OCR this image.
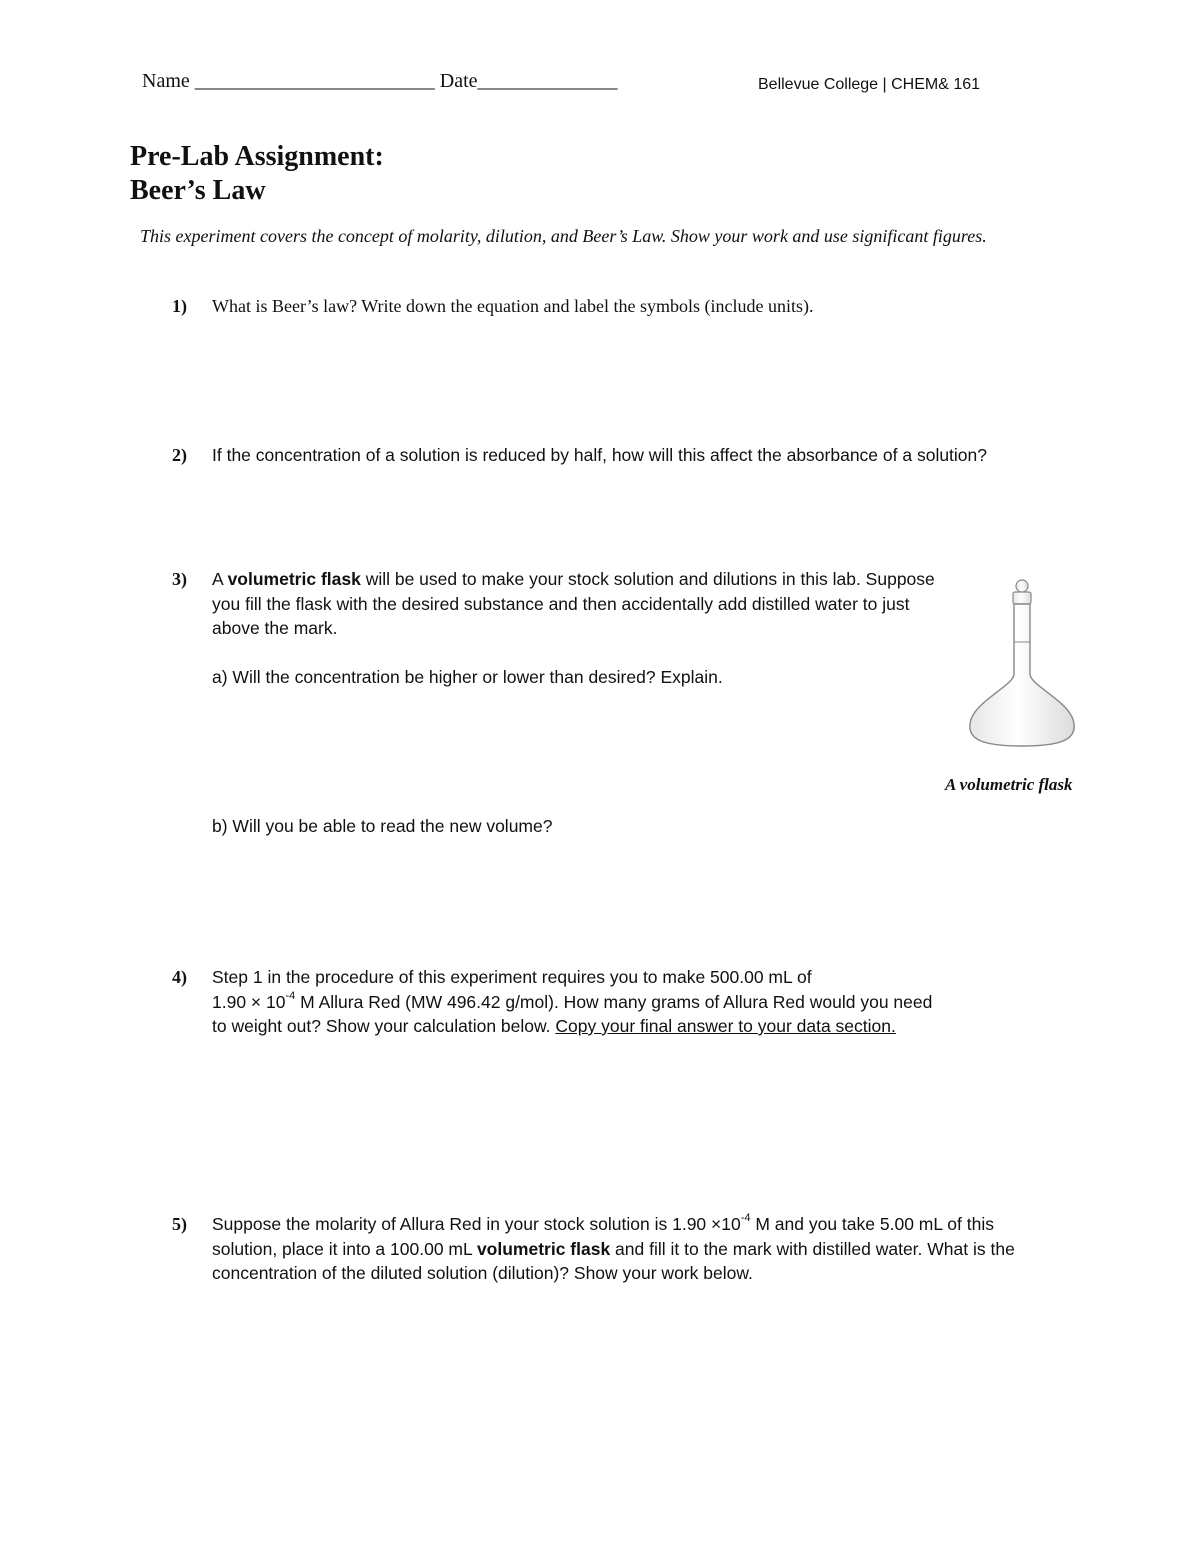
Name ________________________ Date______________	Bellevue College | CHEM& 161
Pre-Lab Assignment:
Beer’s Law
This experiment covers the concept of molarity, dilution, and Beer’s Law. Show your work and use significant figures.
1) What is Beer’s law? Write down the equation and label the symbols (include units).
2) If the concentration of a solution is reduced by half, how will this affect the absorbance of a solution?
3) A volumetric flask will be used to make your stock solution and dilutions in this lab. Suppose you fill the flask with the desired substance and then accidentally add distilled water to just above the mark.
a) Will the concentration be higher or lower than desired? Explain.
b) Will you be able to read the new volume?
A volumetric flask
4) Step 1 in the procedure of this experiment requires you to make 500.00 mL of
$1.90 \times 10^{-4}$ M Allura Red (MW 496.42 g/mol). How many grams of Allura Red would you need
to weight out? Show your calculation below. Copy your final answer to your data section.
5) Suppose the molarity of Allura Red in your stock solution is $1.90 \times 10^{-4}$ M and you take 5.00 mL of this solution, place it into a 100.00 mL volumetric flask and fill it to the mark with distilled water. What is the concentration of the diluted solution (dilution)? Show your work below.
